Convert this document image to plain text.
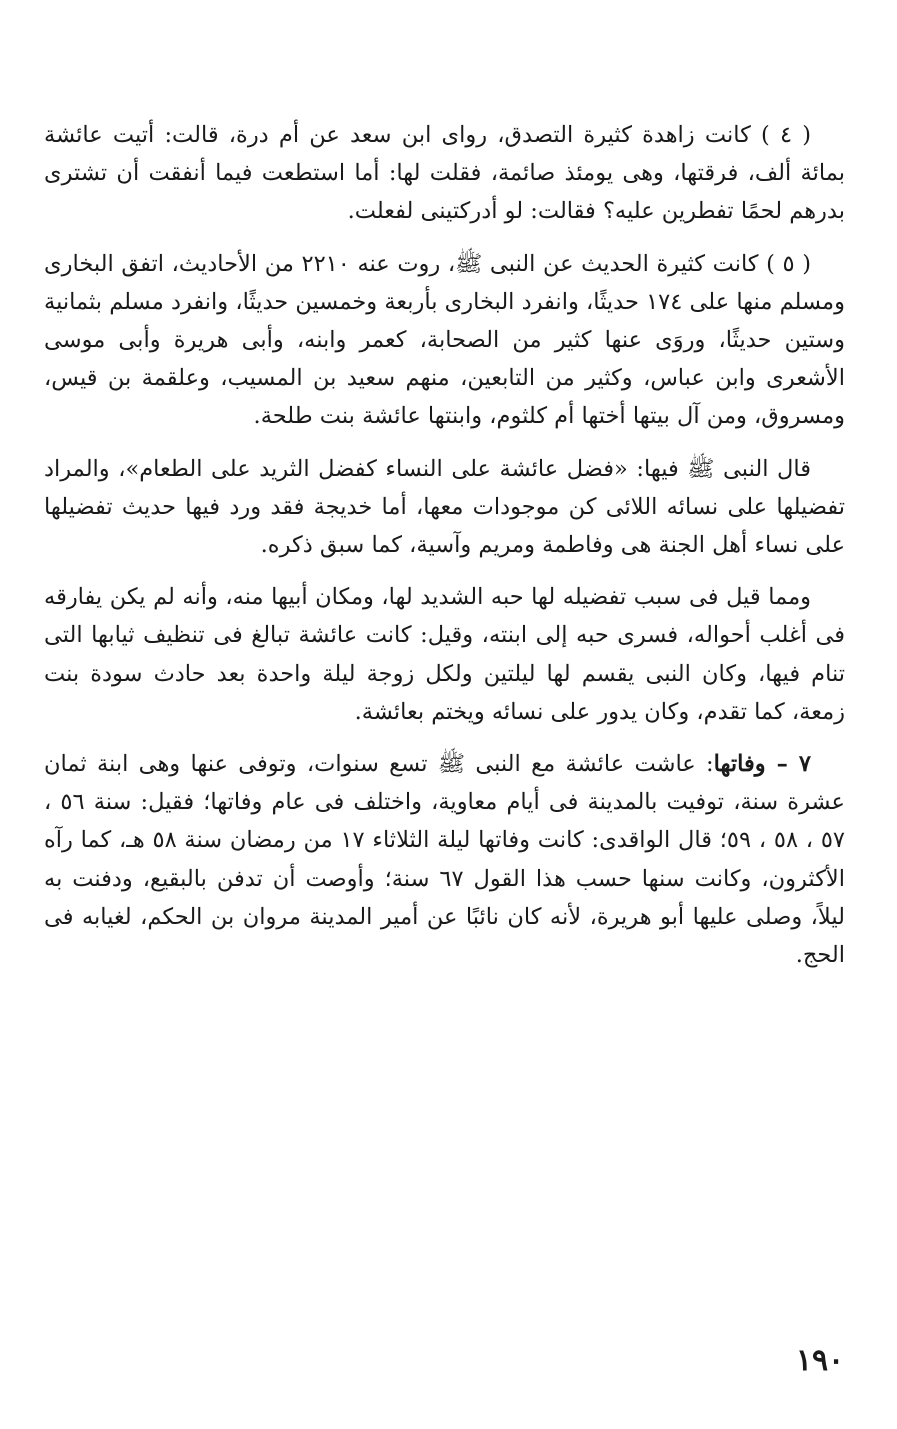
( ٤ ) كانت زاهدة كثيرة التصدق، رواى ابن سعد عن أم درة، قالت: أتيت عائشة بمائة ألف، فرقتها، وهى يومئذ صائمة، فقلت لها: أما استطعت فيما أنفقت أن تشترى بدرهم لحمًا تفطرين عليه؟ فقالت: لو أدركتينى لفعلت.

( ٥ ) كانت كثيرة الحديث عن النبى ﷺ، روت عنه ٢٢١٠ من الأحاديث، اتفق البخارى ومسلم منها على ١٧٤ حديثًا، وانفرد البخارى بأربعة وخمسين حديثًا، وانفرد مسلم بثمانية وستين حديثًا، وروَى عنها كثير من الصحابة، كعمر وابنه، وأبى هريرة وأبى موسى الأشعرى وابن عباس، وكثير من التابعين، منهم سعيد بن المسيب، وعلقمة بن قيس، ومسروق، ومن آل بيتها أختها أم كلثوم، وابنتها عائشة بنت طلحة.

قال النبى ﷺ فيها: «فضل عائشة على النساء كفضل الثريد على الطعام»، والمراد تفضيلها على نسائه اللائى كن موجودات معها، أما خديجة فقد ورد فيها حديث تفضيلها على نساء أهل الجنة هى وفاطمة ومريم وآسية، كما سبق ذكره.

ومما قيل فى سبب تفضيله لها حبه الشديد لها، ومكان أبيها منه، وأنه لم يكن يفارقه فى أغلب أحواله، فسرى حبه إلى ابنته، وقيل: كانت عائشة تبالغ فى تنظيف ثيابها التى تنام فيها، وكان النبى يقسم لها ليلتين ولكل زوجة ليلة واحدة بعد حادث سودة بنت زمعة، كما تقدم، وكان يدور على نسائه ويختم بعائشة.

٧ – وفاتها: عاشت عائشة مع النبى ﷺ تسع سنوات، وتوفى عنها وهى ابنة ثمان عشرة سنة، توفيت بالمدينة فى أيام معاوية، واختلف فى عام وفاتها؛ فقيل: سنة ٥٦ ، ٥٧ ، ٥٨ ، ٥٩؛ قال الواقدى: كانت وفاتها ليلة الثلاثاء ١٧ من رمضان سنة ٥٨ هـ، كما رآه الأكثرون، وكانت سنها حسب هذا القول ٦٧ سنة؛ وأوصت أن تدفن بالبقيع، ودفنت به ليلاً، وصلى عليها أبو هريرة، لأنه كان نائبًا عن أمير المدينة مروان بن الحكم، لغيابه فى الحج.

١٩٠
